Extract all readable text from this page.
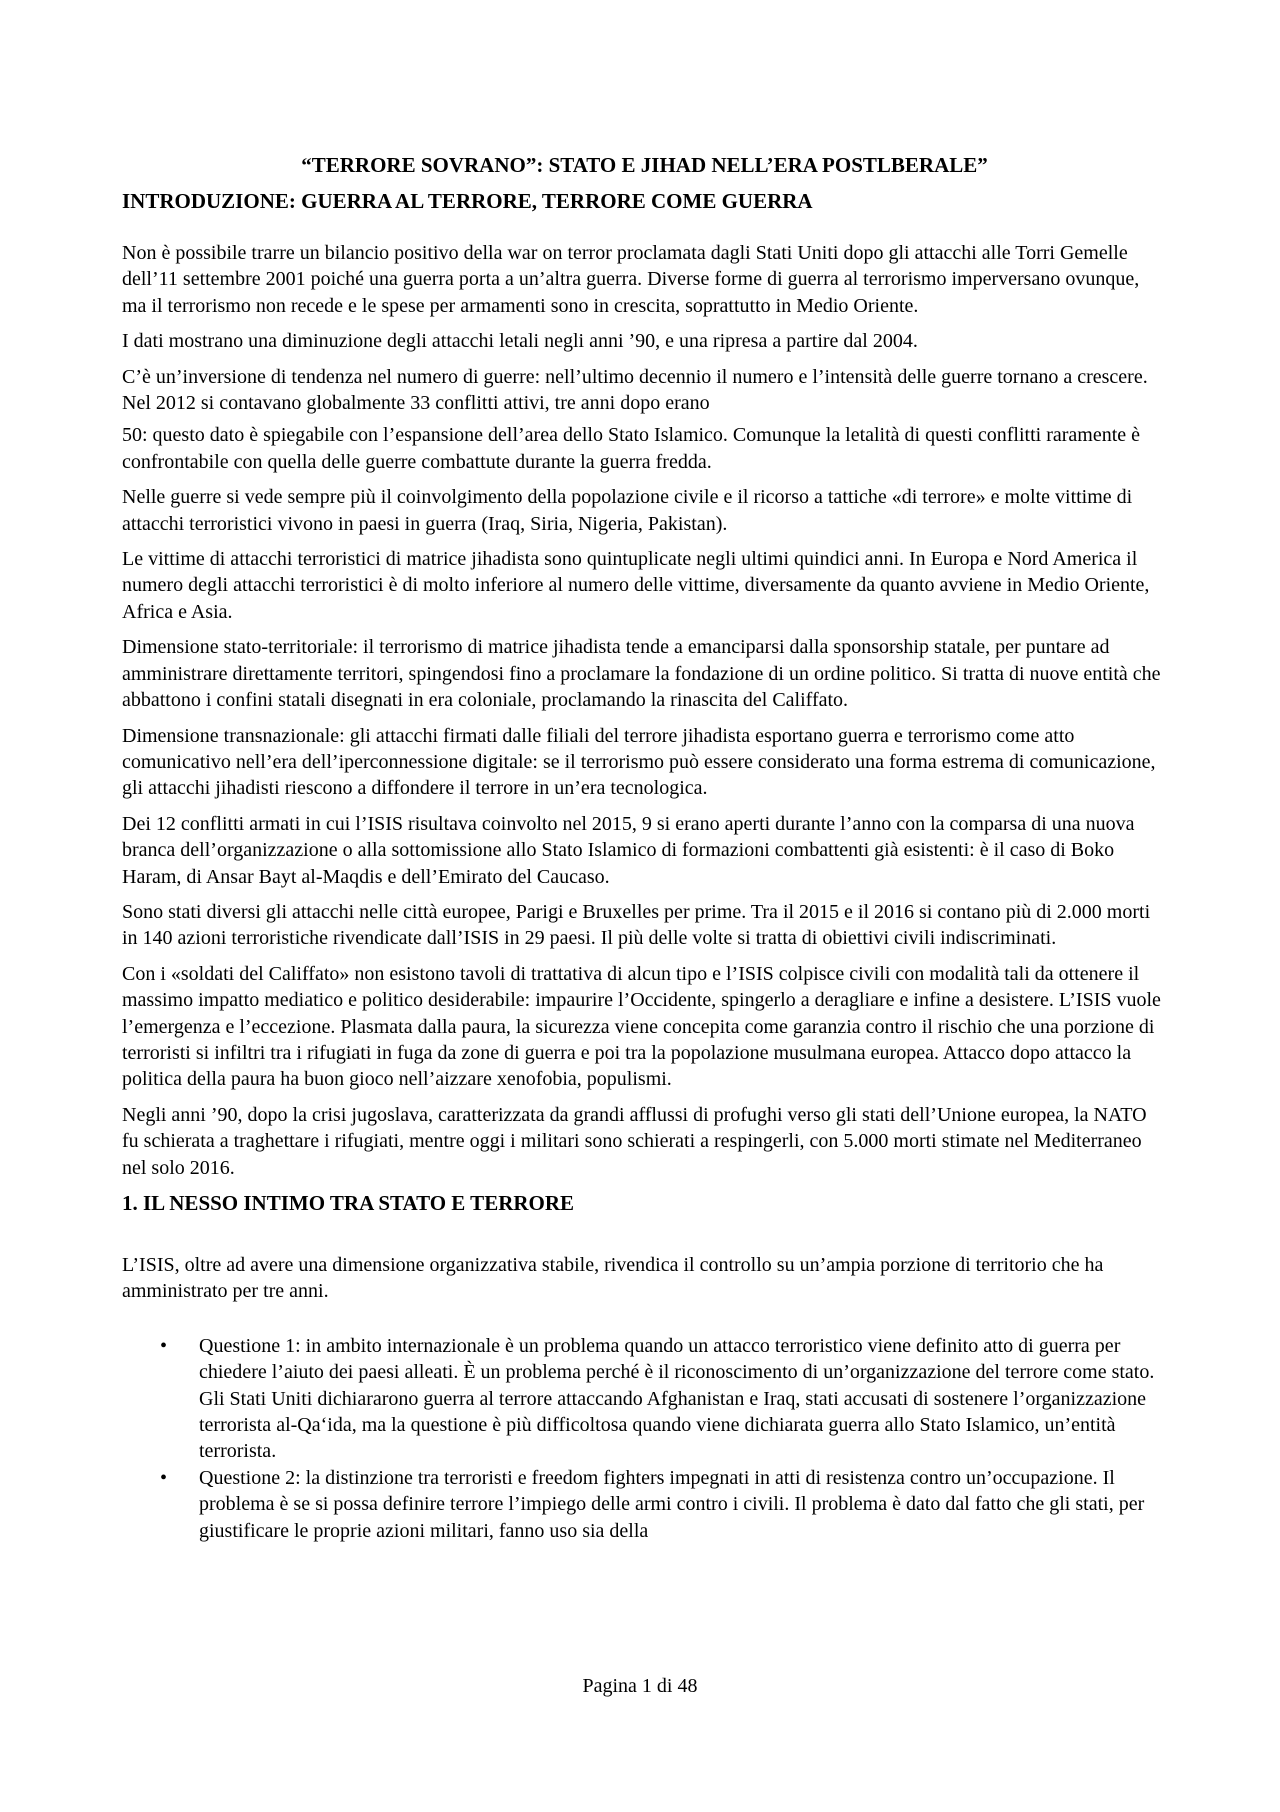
“TERRORE SOVRANO”: STATO E JIHAD NELL’ERA POSTLBERALE”
INTRODUZIONE: GUERRA AL TERRORE, TERRORE COME GUERRA

Non è possibile trarre un bilancio positivo della war on terror proclamata dagli Stati Uniti dopo gli attacchi alle Torri Gemelle dell’11 settembre 2001 poiché una guerra porta a un’altra guerra. Diverse forme di guerra al terrorismo imperversano ovunque, ma il terrorismo non recede e le spese per armamenti sono in crescita, soprattutto in Medio Oriente.

I dati mostrano una diminuzione degli attacchi letali negli anni ’90, e una ripresa a partire dal 2004.

C’è un’inversione di tendenza nel numero di guerre: nell’ultimo decennio il numero e l’intensità delle guerre tornano a crescere. Nel 2012 si contavano globalmente 33 conflitti attivi, tre anni dopo erano

50: questo dato è spiegabile con l’espansione dell’area dello Stato Islamico. Comunque la letalità di questi conflitti raramente è confrontabile con quella delle guerre combattute durante la guerra fredda.

Nelle guerre si vede sempre più il coinvolgimento della popolazione civile e il ricorso a tattiche «di terrore» e molte vittime di attacchi terroristici vivono in paesi in guerra (Iraq, Siria, Nigeria, Pakistan).

Le vittime di attacchi terroristici di matrice jihadista sono quintuplicate negli ultimi quindici anni. In Europa e Nord America il numero degli attacchi terroristici è di molto inferiore al numero delle vittime, diversamente da quanto avviene in Medio Oriente, Africa e Asia.

Dimensione stato-territoriale: il terrorismo di matrice jihadista tende a emanciparsi dalla sponsorship statale, per puntare ad amministrare direttamente territori, spingendosi fino a proclamare la fondazione di un ordine politico. Si tratta di nuove entità che abbattono i confini statali disegnati in era coloniale, proclamando la rinascita del Califfato.

Dimensione transnazionale: gli attacchi firmati dalle filiali del terrore jihadista esportano guerra e terrorismo come atto comunicativo nell’era dell’iperconnessione digitale: se il terrorismo può essere considerato una forma estrema di comunicazione, gli attacchi jihadisti riescono a diffondere il terrore in un’era tecnologica.

Dei 12 conflitti armati in cui l’ISIS risultava coinvolto nel 2015, 9 si erano aperti durante l’anno con la comparsa di una nuova branca dell’organizzazione o alla sottomissione allo Stato Islamico di formazioni combattenti già esistenti: è il caso di Boko Haram, di Ansar Bayt al-Maqdis e dell’Emirato del Caucaso.

Sono stati diversi gli attacchi nelle città europee, Parigi e Bruxelles per prime. Tra il 2015 e il 2016 si contano più di 2.000 morti in 140 azioni terroristiche rivendicate dall’ISIS in 29 paesi. Il più delle volte si tratta di obiettivi civili indiscriminati.

Con i «soldati del Califfato» non esistono tavoli di trattativa di alcun tipo e l’ISIS colpisce civili con modalità tali da ottenere il massimo impatto mediatico e politico desiderabile: impaurire l’Occidente, spingerlo a deragliare e infine a desistere. L’ISIS vuole l’emergenza e l’eccezione. Plasmata dalla paura, la sicurezza viene concepita come garanzia contro il rischio che una porzione di terroristi si infiltri tra i rifugiati in fuga da zone di guerra e poi tra la popolazione musulmana europea. Attacco dopo attacco la politica della paura ha buon gioco nell’aizzare xenofobia, populismi.

Negli anni ’90, dopo la crisi jugoslava, caratterizzata da grandi afflussi di profughi verso gli stati dell’Unione europea, la NATO fu schierata a traghettare i rifugiati, mentre oggi i militari sono schierati a respingerli, con 5.000 morti stimate nel Mediterraneo nel solo 2016.

1. IL NESSO INTIMO TRA STATO E TERRORE

L’ISIS, oltre ad avere una dimensione organizzativa stabile, rivendica il controllo su un’ampia porzione di territorio che ha amministrato per tre anni.

• Questione 1: in ambito internazionale è un problema quando un attacco terroristico viene definito atto di guerra per chiedere l’aiuto dei paesi alleati. È un problema perché è il riconoscimento di un’organizzazione del terrore come stato. Gli Stati Uniti dichiararono guerra al terrore attaccando Afghanistan e Iraq, stati accusati di sostenere l’organizzazione terrorista al-Qa‘ida, ma la questione è più difficoltosa quando viene dichiarata guerra allo Stato Islamico, un’entità terrorista.
• Questione 2: la distinzione tra terroristi e freedom fighters impegnati in atti di resistenza contro un’occupazione. Il problema è se si possa definire terrore l’impiego delle armi contro i civili. Il problema è dato dal fatto che gli stati, per giustificare le proprie azioni militari, fanno uso sia della
Pagina 1 di 48
